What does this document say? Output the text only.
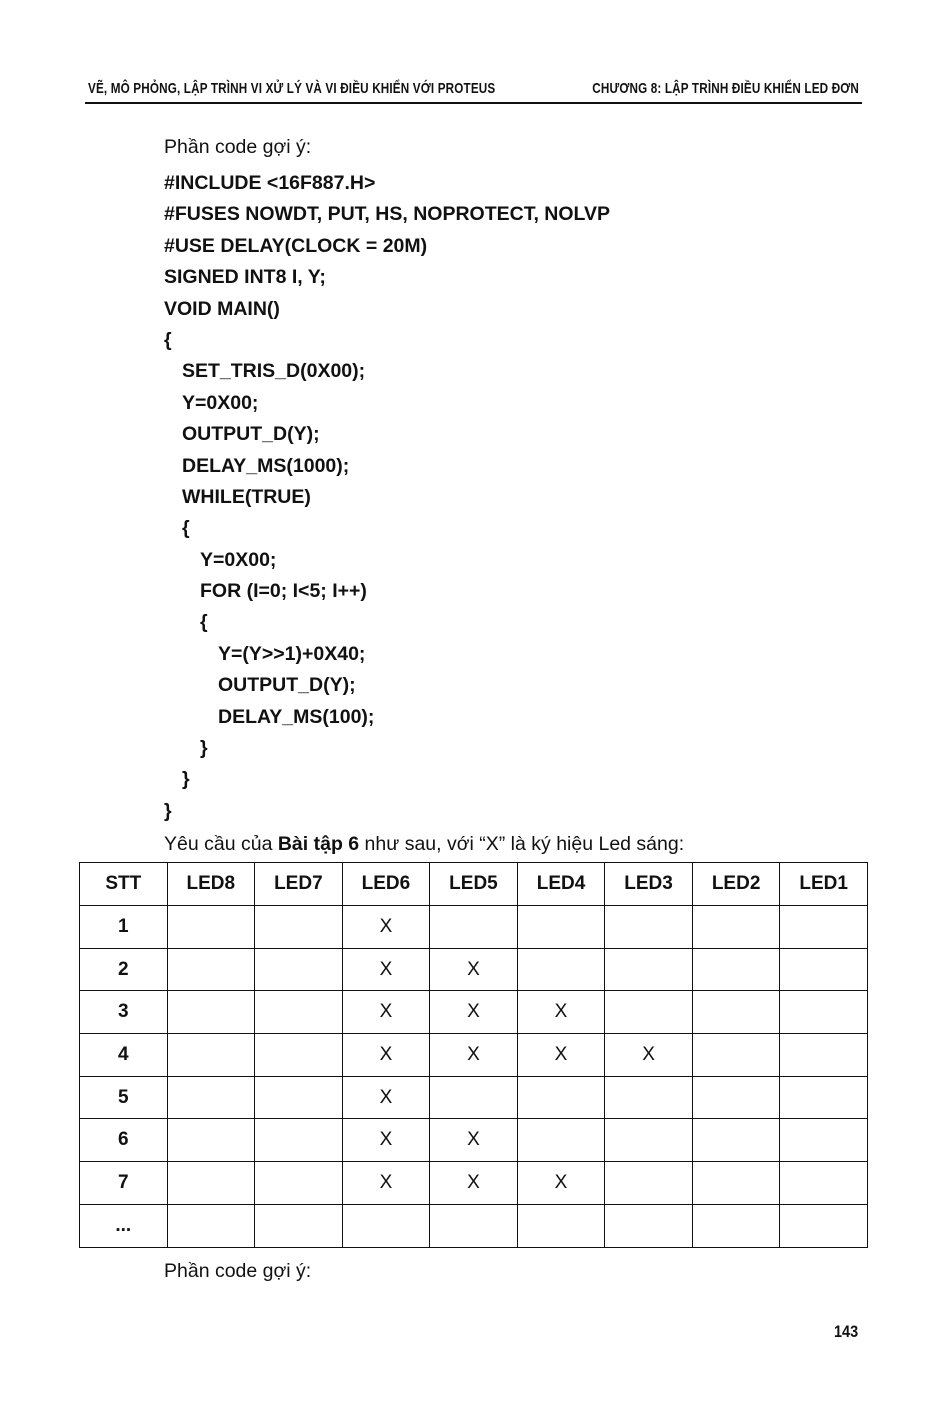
VẼ, MÔ PHỎNG, LẬP TRÌNH VI XỬ LÝ VÀ VI ĐIỀU KHIỂN VỚI PROTEUS	CHƯƠNG 8: LẬP TRÌNH ĐIỀU KHIỂN LED ĐƠN
Phần code gợi ý:
#INCLUDE <16F887.H>
#FUSES NOWDT, PUT, HS, NOPROTECT, NOLVP
#USE DELAY(CLOCK = 20M)
SIGNED INT8 I, Y;
VOID MAIN()
{
SET_TRIS_D(0X00);
Y=0X00;
OUTPUT_D(Y);
DELAY_MS(1000);
WHILE(TRUE)
{
Y=0X00;
FOR (I=0; I<5; I++)
{
Y=(Y>>1)+0X40;
OUTPUT_D(Y);
DELAY_MS(100);
}
}
}
Yêu cầu của Bài tập 6 như sau, với “X” là ký hiệu Led sáng:
STT	LED8	LED7	LED6	LED5	LED4	LED3	LED2	LED1
1			X					
2			X	X				
3			X	X	X			
4			X	X	X	X		
5			X					
6			X	X				
7			X	X	X			
...								
Phần code gợi ý:
143
